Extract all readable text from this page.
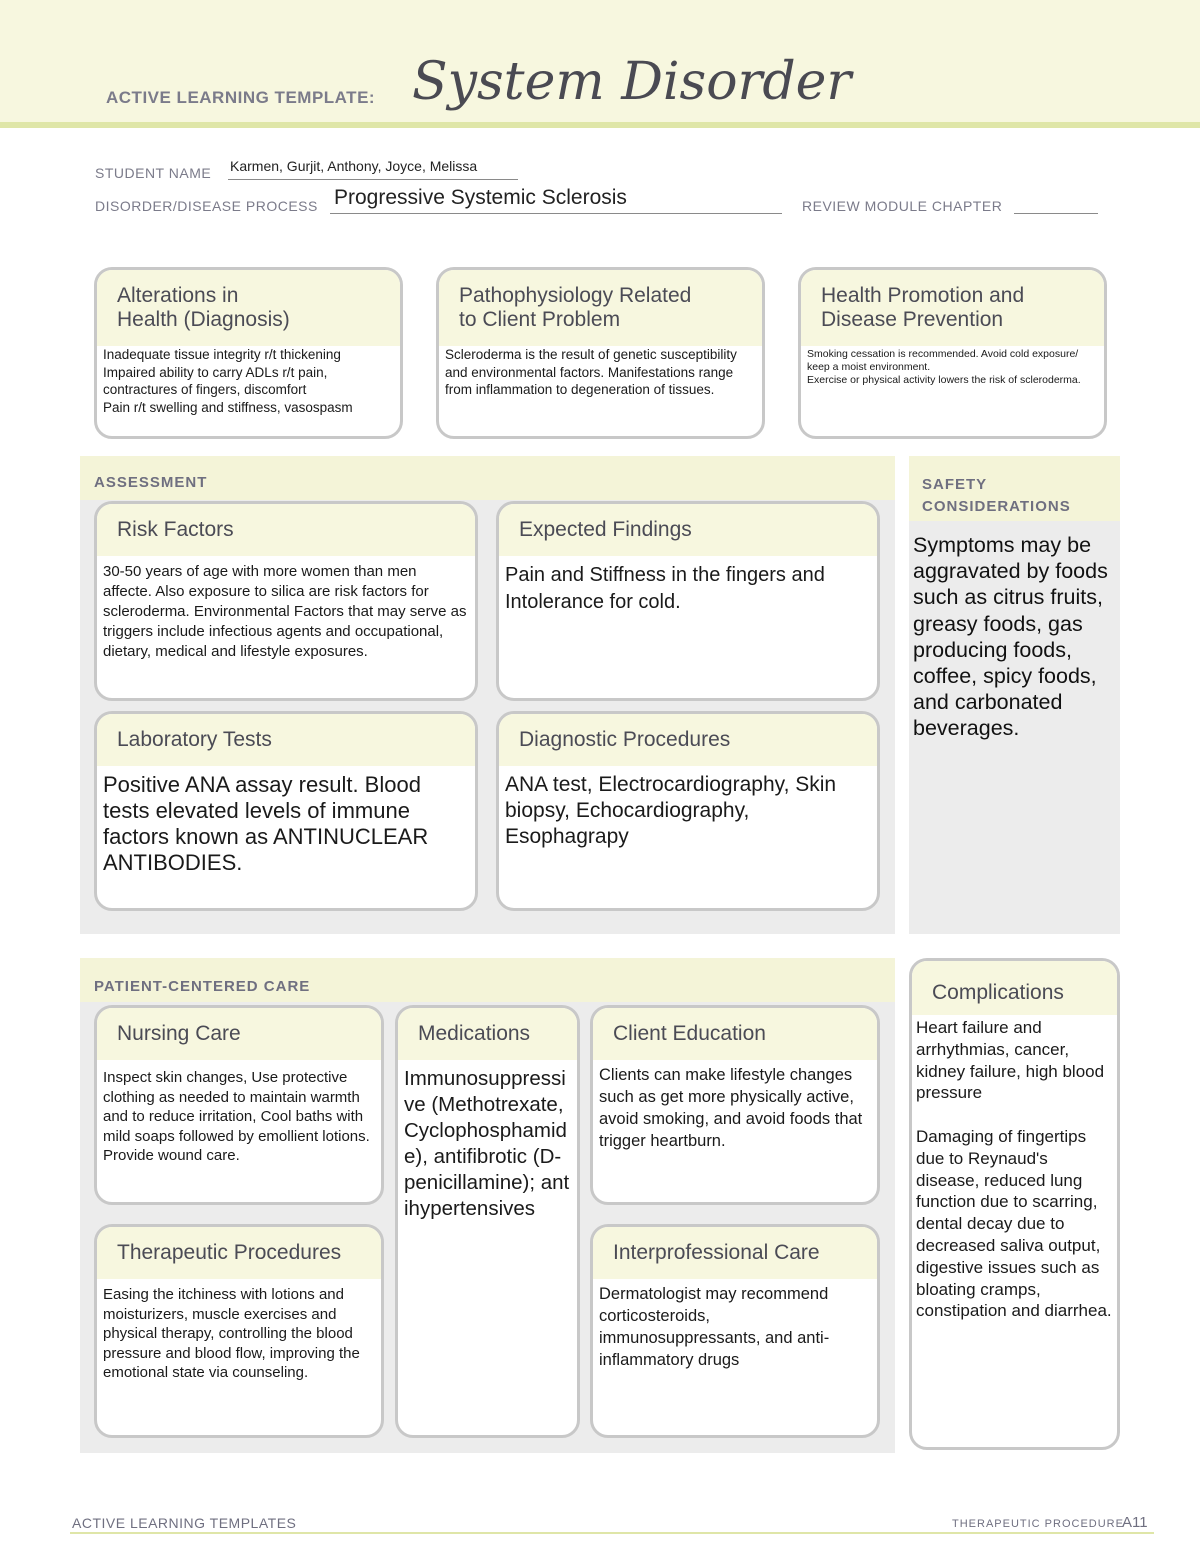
ACTIVE LEARNING TEMPLATE: System Disorder
STUDENT NAME Karmen, Gurjit, Anthony, Joyce, Melissa
DISORDER/DISEASE PROCESS Progressive Systemic Sclerosis	REVIEW MODULE CHAPTER
Alterations in
Health (Diagnosis)
Inadequate tissue integrity r/t thickening
Impaired ability to carry ADLs r/t pain, contractures of fingers, discomfort
Pain r/t swelling and stiffness, vasospasm
Pathophysiology Related
to Client Problem
Scleroderma is the result of genetic susceptibility and environmental factors. Manifestations range from inflammation to degeneration of tissues.
Health Promotion and
Disease Prevention
Smoking cessation is recommended. Avoid cold exposure/ keep a moist environment.
Exercise or physical activity lowers the risk of scleroderma.
ASSESSMENT
Risk Factors
30-50 years of age with more women than men affecte. Also exposure to silica are risk factors for scleroderma. Environmental Factors that may serve as triggers include infectious agents and occupational, dietary, medical and lifestyle exposures.
Expected Findings
Pain and Stiffness in the fingers and Intolerance for cold.
Laboratory Tests
Positive ANA assay result. Blood tests elevated levels of immune factors known as ANTINUCLEAR ANTIBODIES.
Diagnostic Procedures
ANA test, Electrocardiography, Skin biopsy, Echocardiography, Esophagrapy
SAFETY
CONSIDERATIONS
Symptoms may be aggravated by foods such as citrus fruits, greasy foods, gas producing foods, coffee, spicy foods, and carbonated beverages.
PATIENT-CENTERED CARE
Nursing Care
Inspect skin changes, Use protective clothing as needed to maintain warmth and to reduce irritation, Cool baths with mild soaps followed by emollient lotions. Provide wound care.
Medications
Immunosuppressive (Methotrexate, Cyclophosphamide), antifibrotic (D-penicillamine); antihypertensives
Client Education
Clients can make lifestyle changes such as get more physically active, avoid smoking, and avoid foods that trigger heartburn.
Therapeutic Procedures
Easing the itchiness with lotions and moisturizers, muscle exercises and physical therapy, controlling the blood pressure and blood flow, improving the emotional state via counseling.
Interprofessional Care
Dermatologist may recommend corticosteroids, immunosuppressants, and anti-inflammatory drugs
Complications
Heart failure and arrhythmias, cancer, kidney failure, high blood pressure

Damaging of fingertips due to Reynaud's disease, reduced lung function due to scarring, dental decay due to decreased saliva output, digestive issues such as bloating cramps, constipation and diarrhea.
ACTIVE LEARNING TEMPLATES	THERAPEUTIC PROCEDURE
A11
